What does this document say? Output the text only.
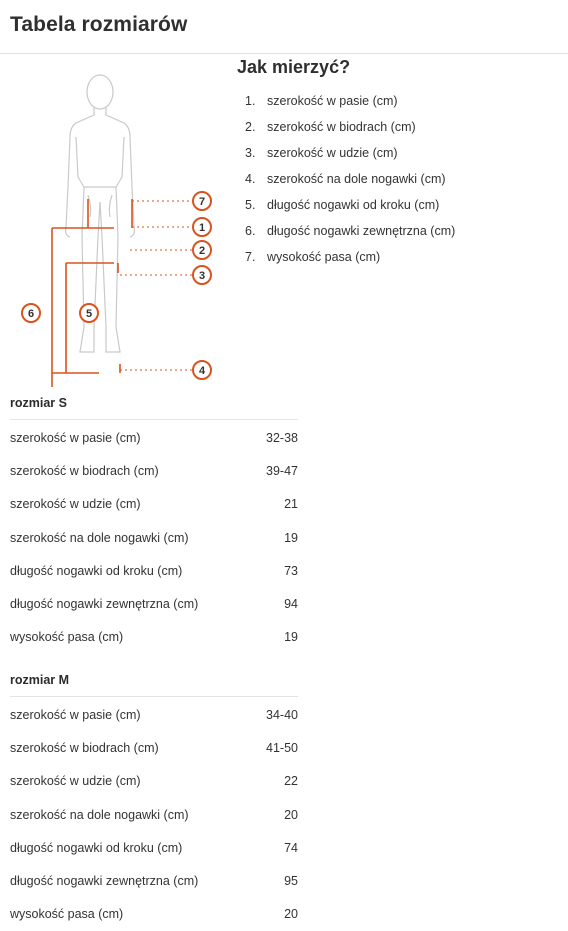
Tabela rozmiarów
7
1
2
3
4
5
6
Jak mierzyć?
1. szerokość w pasie (cm)
2. szerokość w biodrach (cm)
3. szerokość w udzie (cm)
4. szerokość na dole nogawki (cm)
5. długość nogawki od kroku (cm)
6. długość nogawki zewnętrzna (cm)
7. wysokość pasa (cm)
rozmiar S
szerokość w pasie (cm)	32-38
szerokość w biodrach (cm)	39-47
szerokość w udzie (cm)	21
szerokość na dole nogawki (cm)	19
długość nogawki od kroku (cm)	73
długość nogawki zewnętrzna (cm)	94
wysokość pasa (cm)	19
rozmiar M
szerokość w pasie (cm)	34-40
szerokość w biodrach (cm)	41-50
szerokość w udzie (cm)	22
szerokość na dole nogawki (cm)	20
długość nogawki od kroku (cm)	74
długość nogawki zewnętrzna (cm)	95
wysokość pasa (cm)	20
